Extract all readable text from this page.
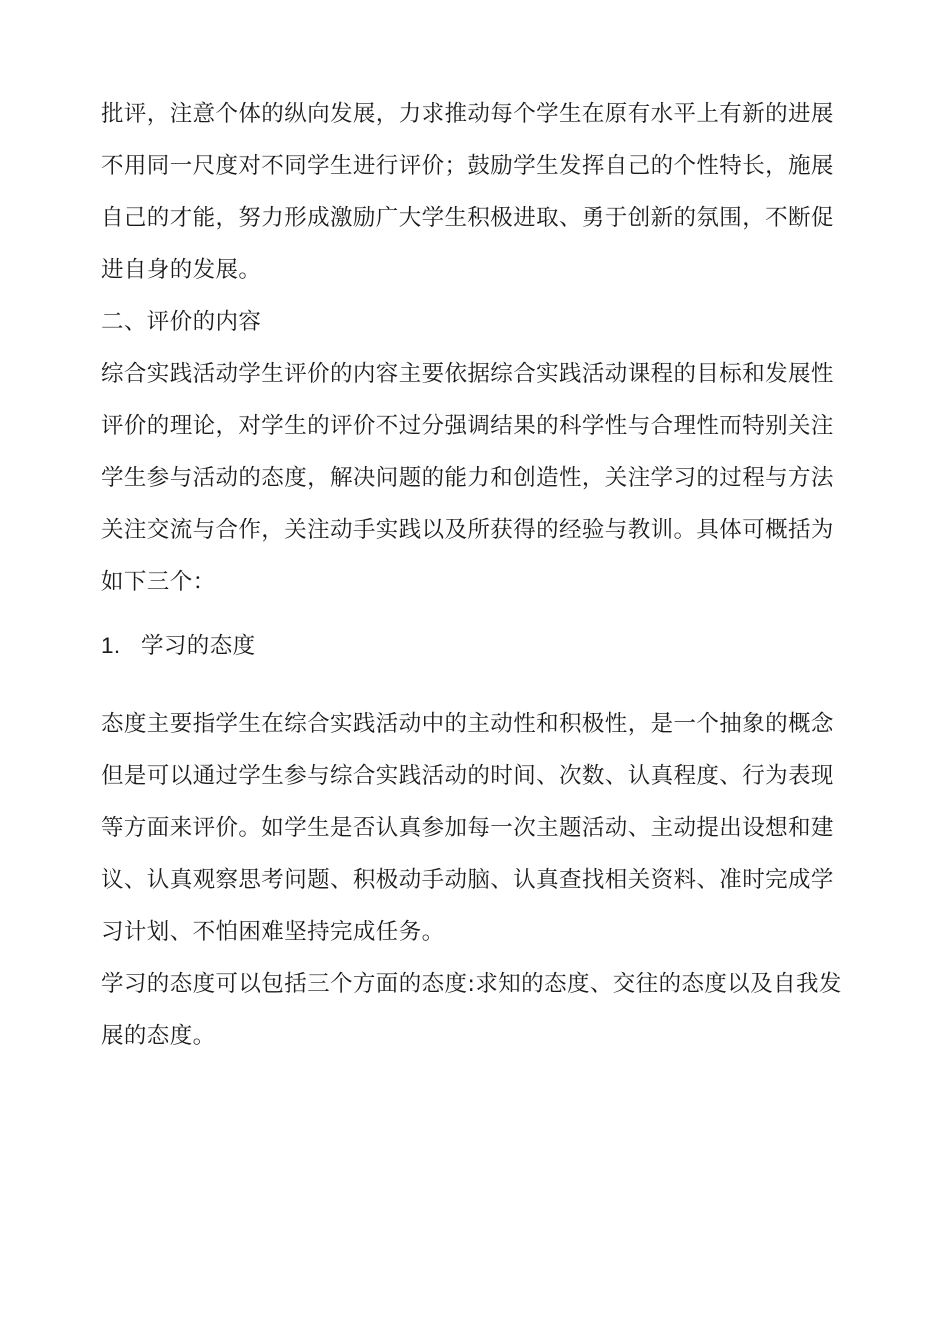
批评，注意个体的纵向发展，力求推动每个学生在原有水平上有新的进展
不用同一尺度对不同学生进行评价；鼓励学生发挥自己的个性特长，施展
自己的才能，努力形成激励广大学生积极进取、勇于创新的氛围，不断促
进自身的发展。
二、评价的内容
综合实践活动学生评价的内容主要依据综合实践活动课程的目标和发展性
评价的理论，对学生的评价不过分强调结果的科学性与合理性而特别关注
学生参与活动的态度，解决问题的能力和创造性，关注学习的过程与方法
关注交流与合作，关注动手实践以及所获得的经验与教训。具体可概括为
如下三个：
1. 学习的态度
态度主要指学生在综合实践活动中的主动性和积极性，是一个抽象的概念
但是可以通过学生参与综合实践活动的时间、次数、认真程度、行为表现
等方面来评价。如学生是否认真参加每一次主题活动、主动提出设想和建
议、认真观察思考问题、积极动手动脑、认真查找相关资料、准时完成学
习计划、不怕困难坚持完成任务。
学习的态度可以包括三个方面的态度:求知的态度、交往的态度以及自我发
展的态度。
